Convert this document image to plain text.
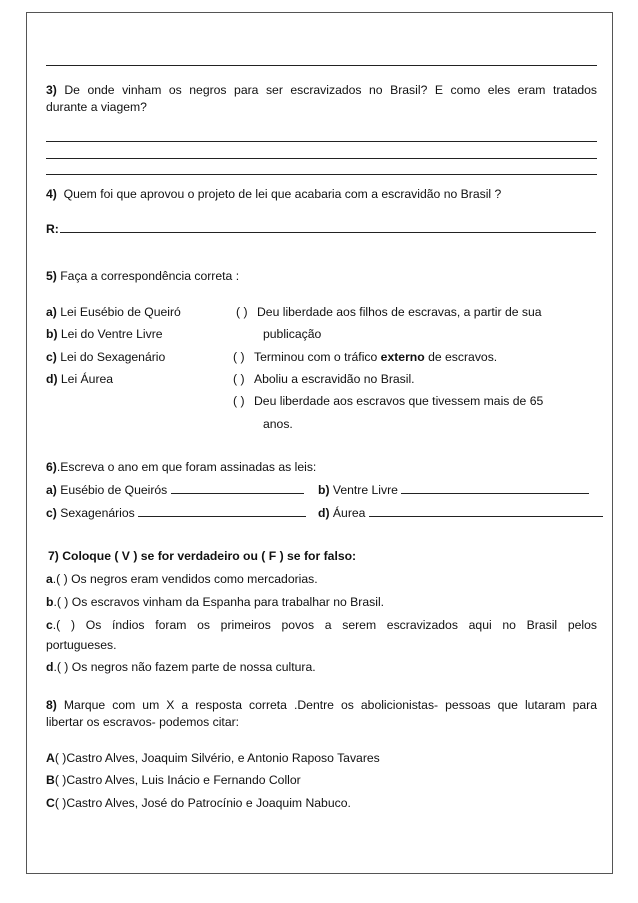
3) De onde vinham os negros para ser escravizados no Brasil? E como eles eram tratados
durante a viagem?
4) Quem foi que aprovou o projeto de lei que acabaria com a escravidão no Brasil ?
R:
5) Faça a correspondência correta :
a) Lei Eusébio de Queiró
b) Lei do Ventre Livre
c) Lei do Sexagenário
d) Lei Áurea
( ) Deu liberdade aos filhos de escravas, a partir de sua
publicação
( ) Terminou com o tráfico externo de escravos.
( ) Aboliu a escravidão no Brasil.
( ) Deu liberdade aos escravos que tivessem mais de 65
anos.
6).Escreva o ano em que foram assinadas as leis:
a) Eusébio de Queirós	b) Ventre Livre
c) Sexagenários	d) Áurea
7) Coloque ( V ) se for verdadeiro ou ( F ) se for falso:
a.( ) Os negros eram vendidos como mercadorias.
b.( ) Os escravos vinham da Espanha para trabalhar no Brasil.
c.( ) Os índios foram os primeiros povos a serem escravizados aqui no Brasil pelos
portugueses.
d.( ) Os negros não fazem parte de nossa cultura.
8) Marque com um X a resposta correta .Dentre os abolicionistas- pessoas que lutaram para
libertar os escravos- podemos citar:
A( )Castro Alves, Joaquim Silvério, e Antonio Raposo Tavares
B( )Castro Alves, Luis Inácio e Fernando Collor
C( )Castro Alves, José do Patrocínio e Joaquim Nabuco.
